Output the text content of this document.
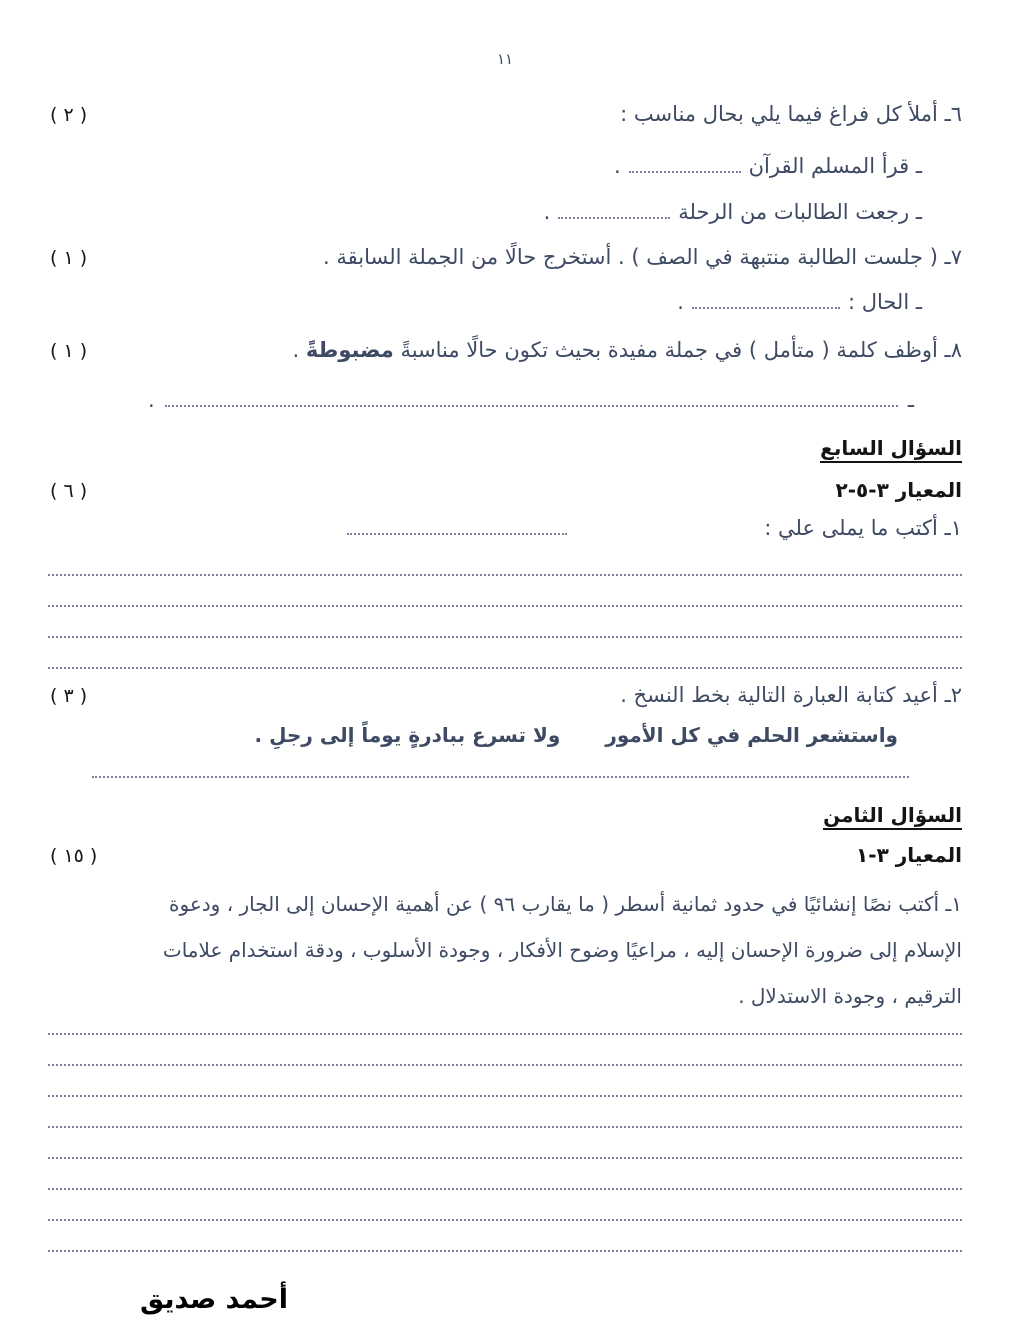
١١
٦ـ أملأ كل فراغ فيما يلي بحال مناسب :
( ٢ )
ـ قرأ المسلم القرآن
.
ـ رجعت الطالبات من الرحلة
.
٧ـ ( جلست الطالبة منتبهة في الصف ) . أستخرج حالًا من الجملة السابقة .
( ١ )
ـ الحال :
.
٨ـ أوظف كلمة ( متأمل ) في جملة مفيدة بحيث تكون حالًا مناسبةً مضبوطةً .
( ١ )
ـ
.
السؤال السابع
المعيار ٣-٥-٢
( ٦ )
١ـ أكتب ما يملى علي :
٢ـ أعيد كتابة العبارة التالية بخط النسخ .
( ٣ )
واستشعر الحلم في كل الأمور
ولا تسرع ببادرةٍ يوماً إلى رجلِ .
السؤال الثامن
المعيار ٣-١
( ١٥ )

١ـ أكتب نصًا إنشائيًا في حدود ثمانية أسطر ( ما يقارب ٩٦ ) عن أهمية الإحسان إلى الجار ، ودعوة

الإسلام إلى ضرورة الإحسان إليه ، مراعيًا وضوح الأفكار ، وجودة الأسلوب ، ودقة استخدام علامات

الترقيم ، وجودة الاستدلال .

أحمد صديق
